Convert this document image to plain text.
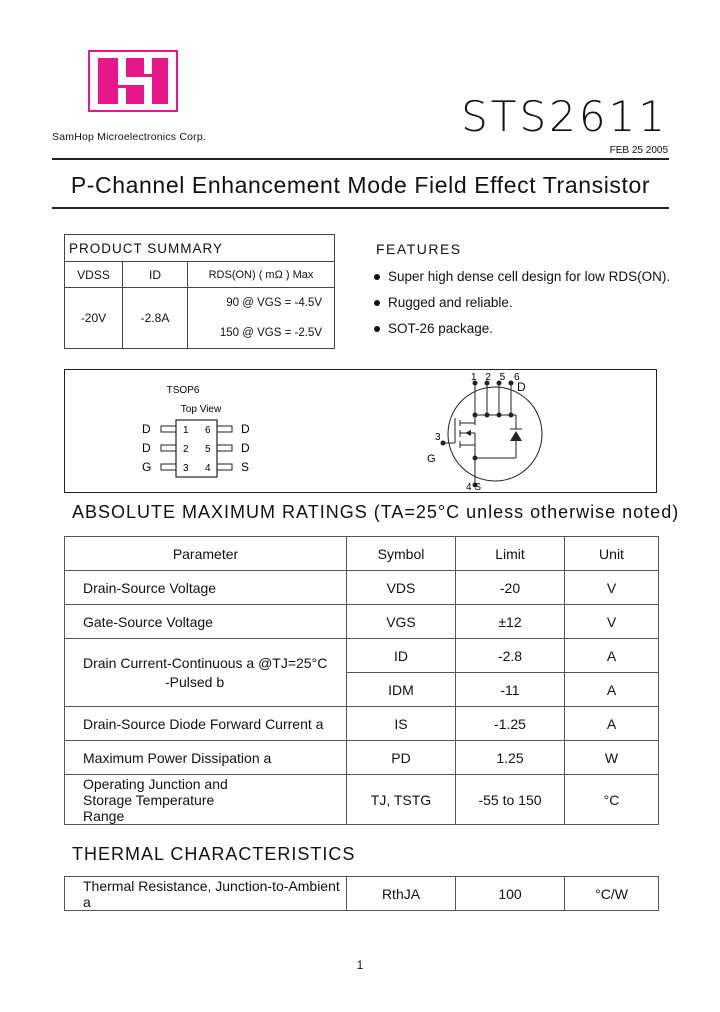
SamHop Microelectronics Corp.	STS2611
FEB 25 2005
P-Channel Enhancement Mode Field Effect Transistor
PRODUCT SUMMARY		
VDSS	ID	RDS(ON) ( mΩ ) Max
-20V	-2.8A	90 @ VGS = -4.5V
150 @ VGS = -2.5V
FEATURES
Super high dense cell design for low RDS(ON).
Rugged and reliable.
SOT-26 package.
TSOP6
Top View
D
D
G
1
2
3
6
5
4
D
D
S
1 2 5 6
D
3
G
4 S
ABSOLUTE MAXIMUM RATINGS (TA=25°C unless otherwise noted)
Parameter	Symbol	Limit	Unit
Drain-Source Voltage	VDS	-20	V
Gate-Source Voltage	VGS	±12	V

Drain Current-Continuous a @TJ=25°C
-Pulsed b	ID	-2.8	A
	IDM	-11	A
Drain-Source Diode Forward Current a	IS	-1.25	A
Maximum Power Dissipation a	PD	1.25	W
Operating Junction and Storage Temperature Range	TJ, TSTG	-55 to 150	°C
THERMAL CHARACTERISTICS
Thermal Resistance, Junction-to-Ambient a	RthJA	100	°C/W
1
